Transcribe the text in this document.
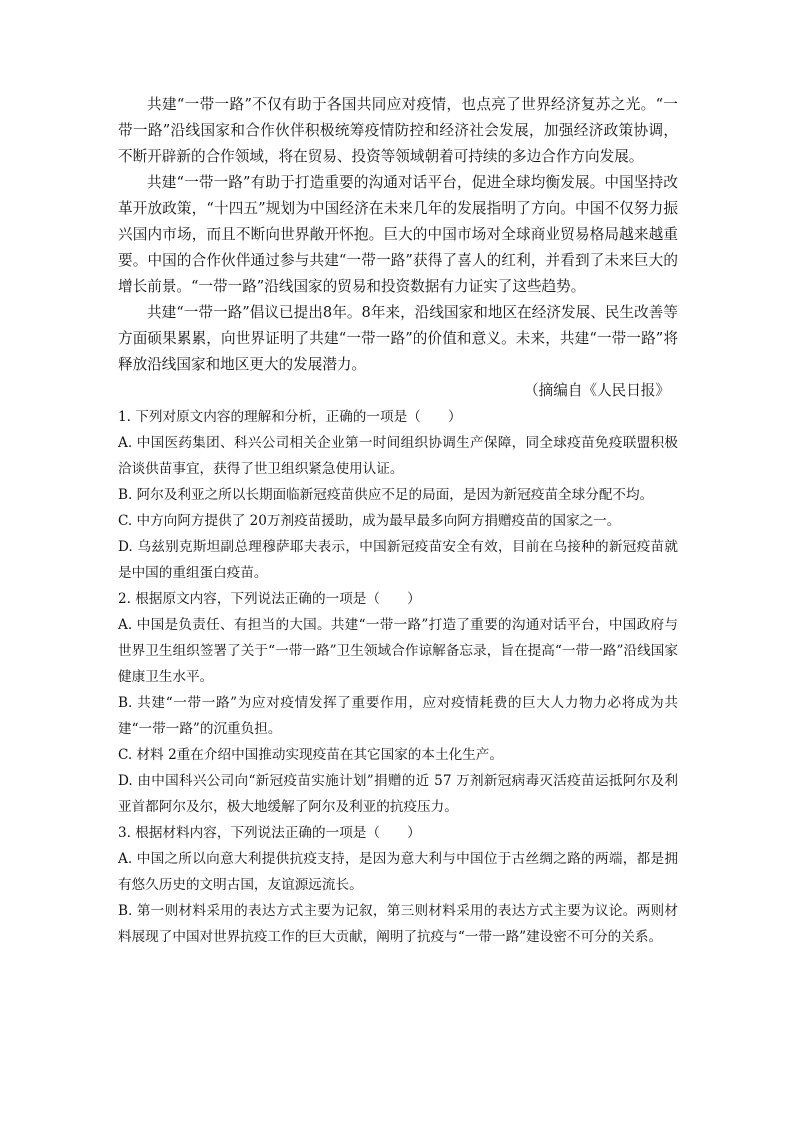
共建“一带一路”不仅有助于各国共同应对疫情，也点亮了世界经济复苏之光。“一带一路”沿线国家和合作伙伴积极统筹疫情防控和经济社会发展，加强经济政策协调，不断开辟新的合作领域，将在贸易、投资等领域朝着可持续的多边合作方向发展。

共建“一带一路”有助于打造重要的沟通对话平台，促进全球均衡发展。中国坚持改革开放政策，“十四五”规划为中国经济在未来几年的发展指明了方向。中国不仅努力振兴国内市场，而且不断向世界敞开怀抱。巨大的中国市场对全球商业贸易格局越来越重要。中国的合作伙伴通过参与共建“一带一路”获得了喜人的红利，并看到了未来巨大的增长前景。“一带一路”沿线国家的贸易和投资数据有力证实了这些趋势。

共建“一带一路”倡议已提出8年。8年来，沿线国家和地区在经济发展、民生改善等方面硕果累累，向世界证明了共建“一带一路”的价值和意义。未来，共建“一带一路”将释放沿线国家和地区更大的发展潜力。

（摘编自《人民日报》

1. 下列对原文内容的理解和分析，正确的一项是（　　）

A. 中国医药集团、科兴公司相关企业第一时间组织协调生产保障，同全球疫苗免疫联盟积极洽谈供苗事宜，获得了世卫组织紧急使用认证。

B. 阿尔及利亚之所以长期面临新冠疫苗供应不足的局面，是因为新冠疫苗全球分配不均。

C. 中方向阿方提供了 20万剂疫苗援助，成为最早最多向阿方捐赠疫苗的国家之一。

D. 乌兹别克斯坦副总理穆萨耶夫表示，中国新冠疫苗安全有效，目前在乌接种的新冠疫苗就是中国的重组蛋白疫苗。

2. 根据原文内容，下列说法正确的一项是（　　）

A. 中国是负责任、有担当的大国。共建“一带一路”打造了重要的沟通对话平台，中国政府与世界卫生组织签署了关于“一带一路”卫生领域合作谅解备忘录，旨在提高“一带一路”沿线国家健康卫生水平。

B. 共建“一带一路”为应对疫情发挥了重要作用，应对疫情耗费的巨大人力物力必将成为共建“一带一路”的沉重负担。

C. 材料 2重在介绍中国推动实现疫苗在其它国家的本土化生产。

D. 由中国科兴公司向“新冠疫苗实施计划”捐赠的近 57 万剂新冠病毒灭活疫苗运抵阿尔及利亚首都阿尔及尔，极大地缓解了阿尔及利亚的抗疫压力。

3. 根据材料内容，下列说法正确的一项是（　　）

A. 中国之所以向意大利提供抗疫支持，是因为意大利与中国位于古丝绸之路的两端，都是拥有悠久历史的文明古国，友谊源远流长。

B. 第一则材料采用的表达方式主要为记叙，第三则材料采用的表达方式主要为议论。两则材料展现了中国对世界抗疫工作的巨大贡献，阐明了抗疫与“一带一路”建设密不可分的关系。
